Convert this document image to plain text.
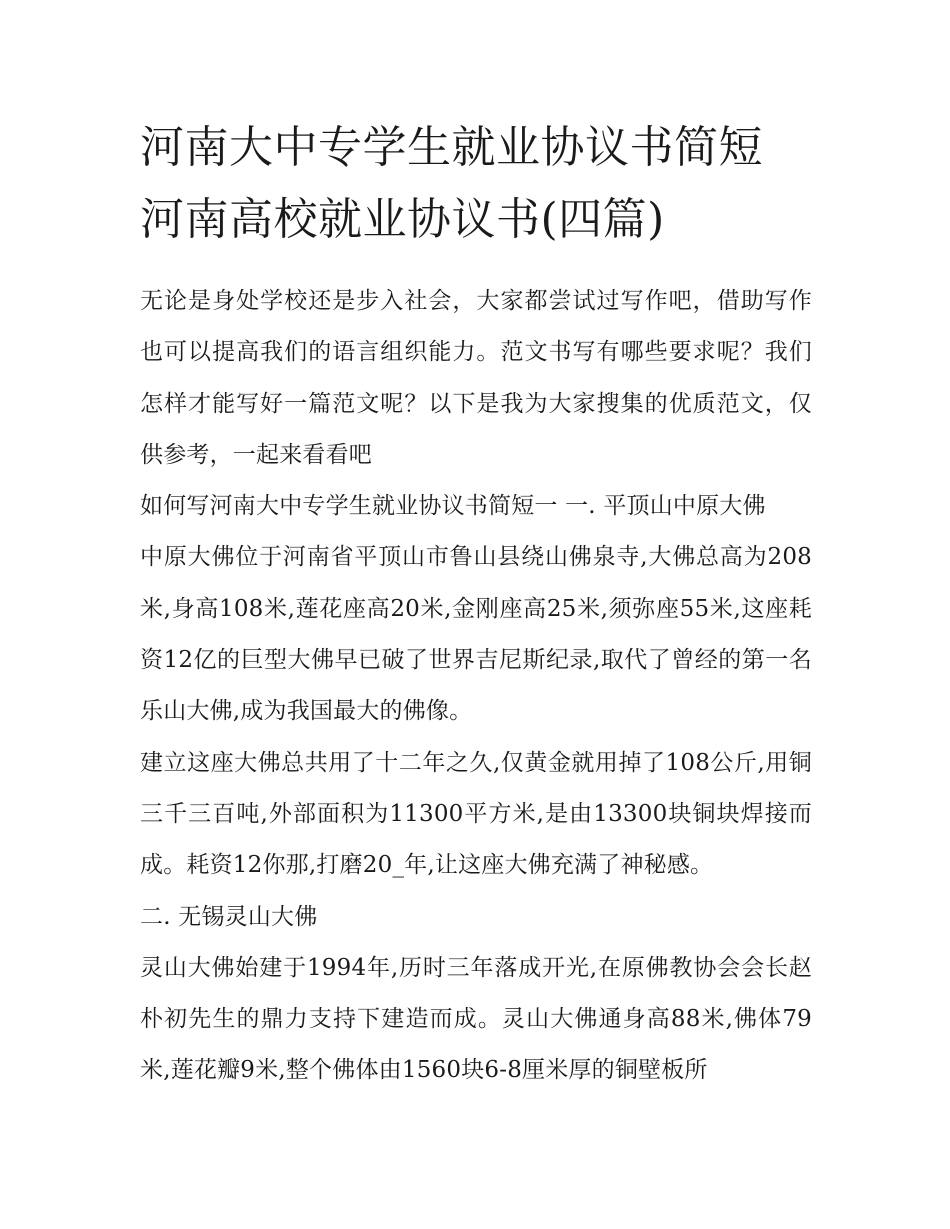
河南大中专学生就业协议书简短 河南高校就业协议书(四篇)

无论是身处学校还是步入社会，大家都尝试过写作吧，借助写作也可以提高我们的语言组织能力。范文书写有哪些要求呢？我们怎样才能写好一篇范文呢？以下是我为大家搜集的优质范文，仅供参考，一起来看看吧

如何写河南大中专学生就业协议书简短一 一. 平顶山中原大佛

中原大佛位于河南省平顶山市鲁山县绕山佛泉寺,大佛总高为208米,身高108米,莲花座高20米,金刚座高25米,须弥座55米,这座耗资12亿的巨型大佛早已破了世界吉尼斯纪录,取代了曾经的第一名乐山大佛,成为我国最大的佛像。

建立这座大佛总共用了十二年之久,仅黄金就用掉了108公斤,用铜三千三百吨,外部面积为11300平方米,是由13300块铜块焊接而成。耗资12你那,打磨20_年,让这座大佛充满了神秘感。

二. 无锡灵山大佛

灵山大佛始建于1994年,历时三年落成开光,在原佛教协会会长赵朴初先生的鼎力支持下建造而成。灵山大佛通身高88米,佛体79米,莲花瓣9米,整个佛体由1560块6-8厘米厚的铜壁板所
